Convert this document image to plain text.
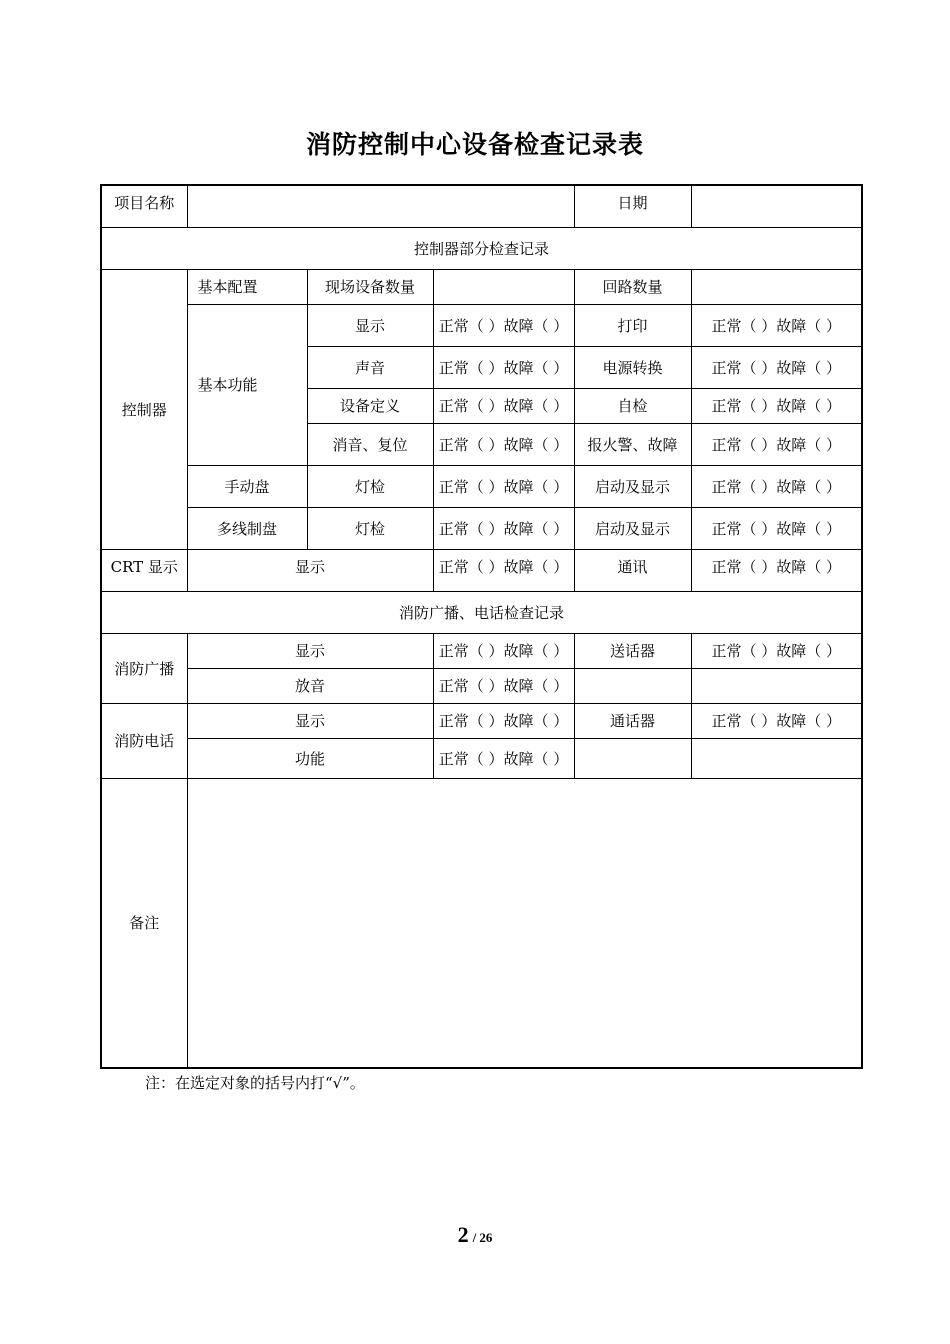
消防控制中心设备检查记录表
项目名称				日期	
控制器部分检查记录					
控制器	基本配置	现场设备数量		回路数量	
	基本功能	显示	正常（ ）故障（ ）	打印	正常（ ）故障（ ）
		声音	正常（ ）故障（ ）	电源转换	正常（ ）故障（ ）
		设备定义	正常（ ）故障（ ）	自检	正常（ ）故障（ ）
		消音、复位	正常（ ）故障（ ）	报火警、故障	正常（ ）故障（ ）
	手动盘	灯检	正常（ ）故障（ ）	启动及显示	正常（ ）故障（ ）
	多线制盘	灯检	正常（ ）故障（ ）	启动及显示	正常（ ）故障（ ）
CRT 显示	显示		正常（ ）故障（ ）	通讯	正常（ ）故障（ ）
消防广播、电话检查记录					
消防广播	显示		正常（ ）故障（ ）	送话器	正常（ ）故障（ ）
	放音		正常（ ）故障（ ）		
消防电话	显示		正常（ ）故障（ ）	通话器	正常（ ）故障（ ）
	功能		正常（ ）故障（ ）		
备注					
注：在选定对象的括号内打“√”。
2 / 26
